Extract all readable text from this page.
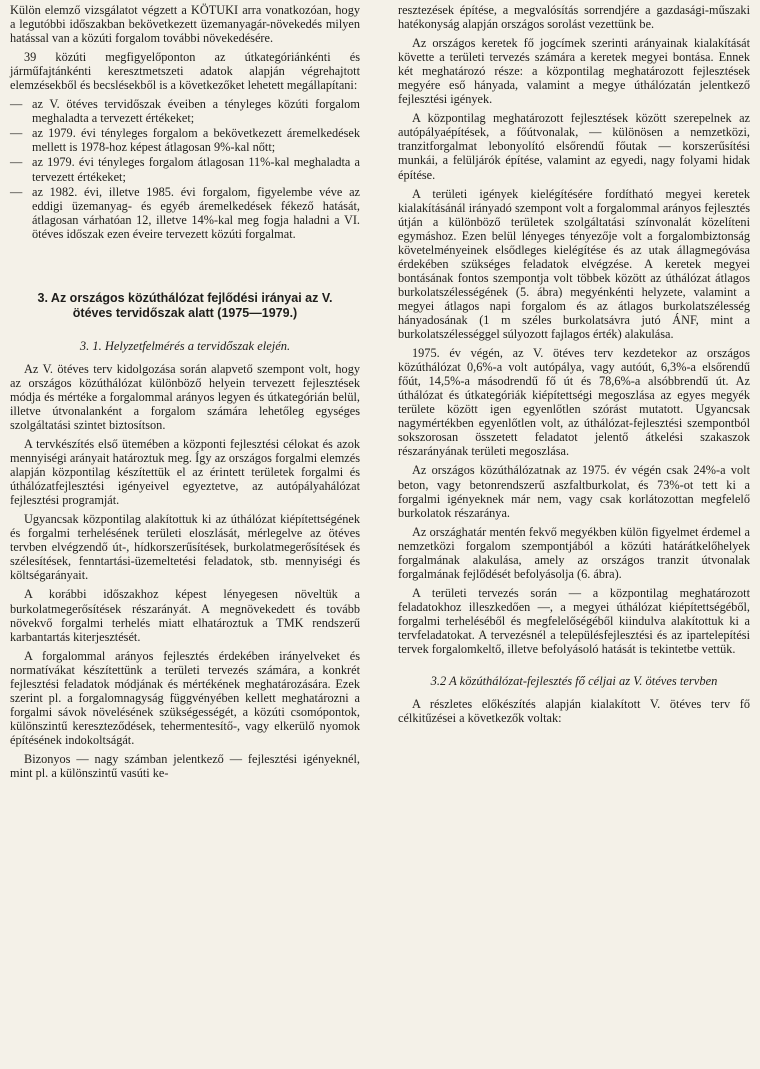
Külön elemző vizsgálatot végzett a KÖTUKI arra vonatkozóan, hogy a legutóbbi időszakban bekövetkezett üzemanyagár-növekedés milyen hatással van a közúti forgalom további növekedésére.

39 közúti megfigyelőponton az útkategóriánkénti és járműfajtánkénti keresztmetszeti adatok alapján végrehajtott elemzésekből és becslésekből is a következőket lehetett megállapítani:

— az V. ötéves tervidőszak éveiben a tényleges közúti forgalom meghaladta a tervezett értékeket;
— az 1979. évi tényleges forgalom a bekövetkezett áremelkedések mellett is 1978-hoz képest átlagosan 9%-kal nőtt;
— az 1979. évi tényleges forgalom átlagosan 11%-kal meghaladta a tervezett értékeket;
— az 1982. évi, illetve 1985. évi forgalom, figyelembe véve az eddigi üzemanyag- és egyéb áremelkedések fékező hatását, átlagosan várhatóan 12, illetve 14%-kal meg fogja haladni a VI. ötéves időszak ezen éveire tervezett közúti forgalmat.
3. Az országos közúthálózat fejlődési irányai az V. ötéves tervidőszak alatt (1975—1979.)
3. 1. Helyzetfelmérés a tervidőszak elején.

Az V. ötéves terv kidolgozása során alapvető szempont volt, hogy az országos közúthálózat különböző helyein tervezett fejlesztések módja és mértéke a forgalommal arányos legyen és útkategórián belül, illetve útvonalanként a forgalom számára lehetőleg egységes szolgáltatási szintet biztosítson.

A tervkészítés első ütemében a központi fejlesztési célokat és azok mennyiségi arányait határoztuk meg. Így az országos forgalmi elemzés alapján központilag készítettük el az érintett területek forgalmi és úthálózatfejlesztési igényeivel egyeztetve, az autópályahálózat fejlesztési programját.

Ugyancsak központilag alakítottuk ki az úthálózat kiépítettségének és forgalmi terhelésének területi eloszlását, mérlegelve az ötéves tervben elvégzendő út-, hídkorszerűsítések, burkolatmegerősítések és szélesítések, fenntartási-üzemeltetési feladatok, stb. mennyiségi és költségarányait.

A korábbi időszakhoz képest lényegesen növeltük a burkolatmegerősítések részarányát. A megnövekedett és tovább növekvő forgalmi terhelés miatt elhatároztuk a TMK rendszerű karbantartás kiterjesztését.

A forgalommal arányos fejlesztés érdekében irányelveket és normatívákat készítettünk a területi tervezés számára, a konkrét fejlesztési feladatok módjának és mértékének meghatározására. Ezek szerint pl. a forgalomnagyság függvényében kellett meghatározni a forgalmi sávok növelésének szükségességét, a közúti csomópontok, különszintű kereszteződések, tehermentesítő-, vagy elkerülő nyomok építésének indokoltságát.

Bizonyos — nagy számban jelentkező — fejlesztési igényeknél, mint pl. a különszintű vasúti ke-

resztezések építése, a megvalósítás sorrendjére a gazdasági-műszaki hatékonyság alapján országos sorolást vezettünk be.

Az országos keretek fő jogcímek szerinti arányainak kialakítását követte a területi tervezés számára a keretek megyei bontása. Ennek két meghatározó része: a központilag meghatározott fejlesztések megyére eső hányada, valamint a megye úthálózatán jelentkező fejlesztési igények.

A központilag meghatározott fejlesztések között szerepelnek az autópályaépítések, a főútvonalak, — különösen a nemzetközi, tranzitforgalmat lebonyolító elsőrendű főutak — korszerűsítési munkái, a felüljárók építése, valamint az egyedi, nagy folyami hidak építése.

A területi igények kielégítésére fordítható megyei keretek kialakításánál irányadó szempont volt a forgalommal arányos fejlesztés útján a különböző területek szolgáltatási színvonalát közelíteni egymáshoz. Ezen belül lényeges tényezője volt a forgalombiztonság követelményeinek elsődleges kielégítése és az utak állagmegóvása érdekében szükséges feladatok elvégzése. A keretek megyei bontásának fontos szempontja volt többek között az úthálózat átlagos burkolatszélességének (5. ábra) megyénkénti helyzete, valamint a megyei átlagos napi forgalom és az átlagos burkolatszélesség hányadosának (1 m széles burkolatsávra jutó ÁNF, mint a burkolatszélességgel súlyozott fajlagos érték) alakulása.

1975. év végén, az V. ötéves terv kezdetekor az országos közúthálózat 0,6%-a volt autópálya, vagy autóút, 6,3%-a elsőrendű főút, 14,5%-a másodrendű fő út és 78,6%-a alsóbbrendű út. Az úthálózat és útkategóriák kiépítettségi megoszlása az egyes megyék területe között igen egyenlőtlen szórást mutatott. Ugyancsak nagymértékben egyenlőtlen volt, az úthálózat-fejlesztési szempontból sokszorosan összetett feladatot jelentő átkelési szakaszok részarányának területi megoszlása.

Az országos közúthálózatnak az 1975. év végén csak 24%-a volt beton, vagy betonrendszerű aszfaltburkolat, és 73%-ot tett ki a forgalmi igényeknek már nem, vagy csak korlátozottan megfelelő burkolatok részaránya.

Az országhatár mentén fekvő megyékben külön figyelmet érdemel a nemzetközi forgalom szempontjából a közúti határátkelőhelyek forgalmának alakulása, amely az országos tranzit útvonalak forgalmának fejlődését befolyásolja (6. ábra).

A területi tervezés során — a központilag meghatározott feladatokhoz illeszkedően —, a megyei úthálózat kiépítettségéből, forgalmi terheléséből és megfelelőségéből kiindulva alakítottuk ki a tervfeladatokat. A tervezésnél a településfejlesztési és az ipartelepítési tervek forgalomkeltő, illetve befolyásoló hatását is tekintetbe vettük.

3.2 A közúthálózat-fejlesztés fő céljai az V. ötéves tervben

A részletes előkészítés alapján kialakított V. ötéves terv fő célkitűzései a következők voltak:
